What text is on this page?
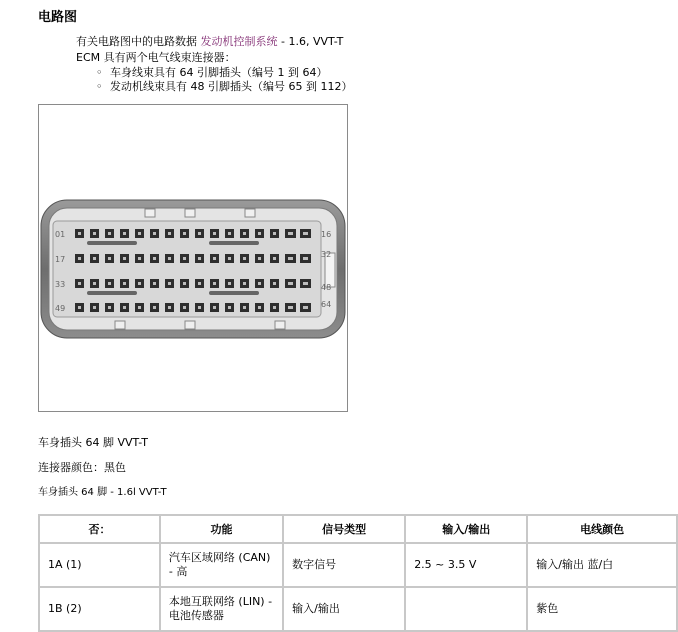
电路图
有关电路图中的电路数据 发动机控制系统 - 1.6, VVT-T
ECM 具有两个电气线束连接器：
◦ 车身线束具有 64 引脚插头（编号 1 到 64）
◦ 发动机线束具有 48 引脚插头（编号 65 到 112）
01
17
33
49
16
32
48
64
车身插头 64 脚 VVT-T
连接器颜色：黑色
车身插头 64 脚 - 1.6l VVT-T
否：	功能	信号类型	输入/输出	电线颜色
1A (1)	汽车区域网络 (CAN) - 高	数字信号	2.5 ~ 3.5 V	输入/输出 蓝/白
1B (2)	本地互联网络 (LIN) - 电池传感器	输入/输出		紫色
